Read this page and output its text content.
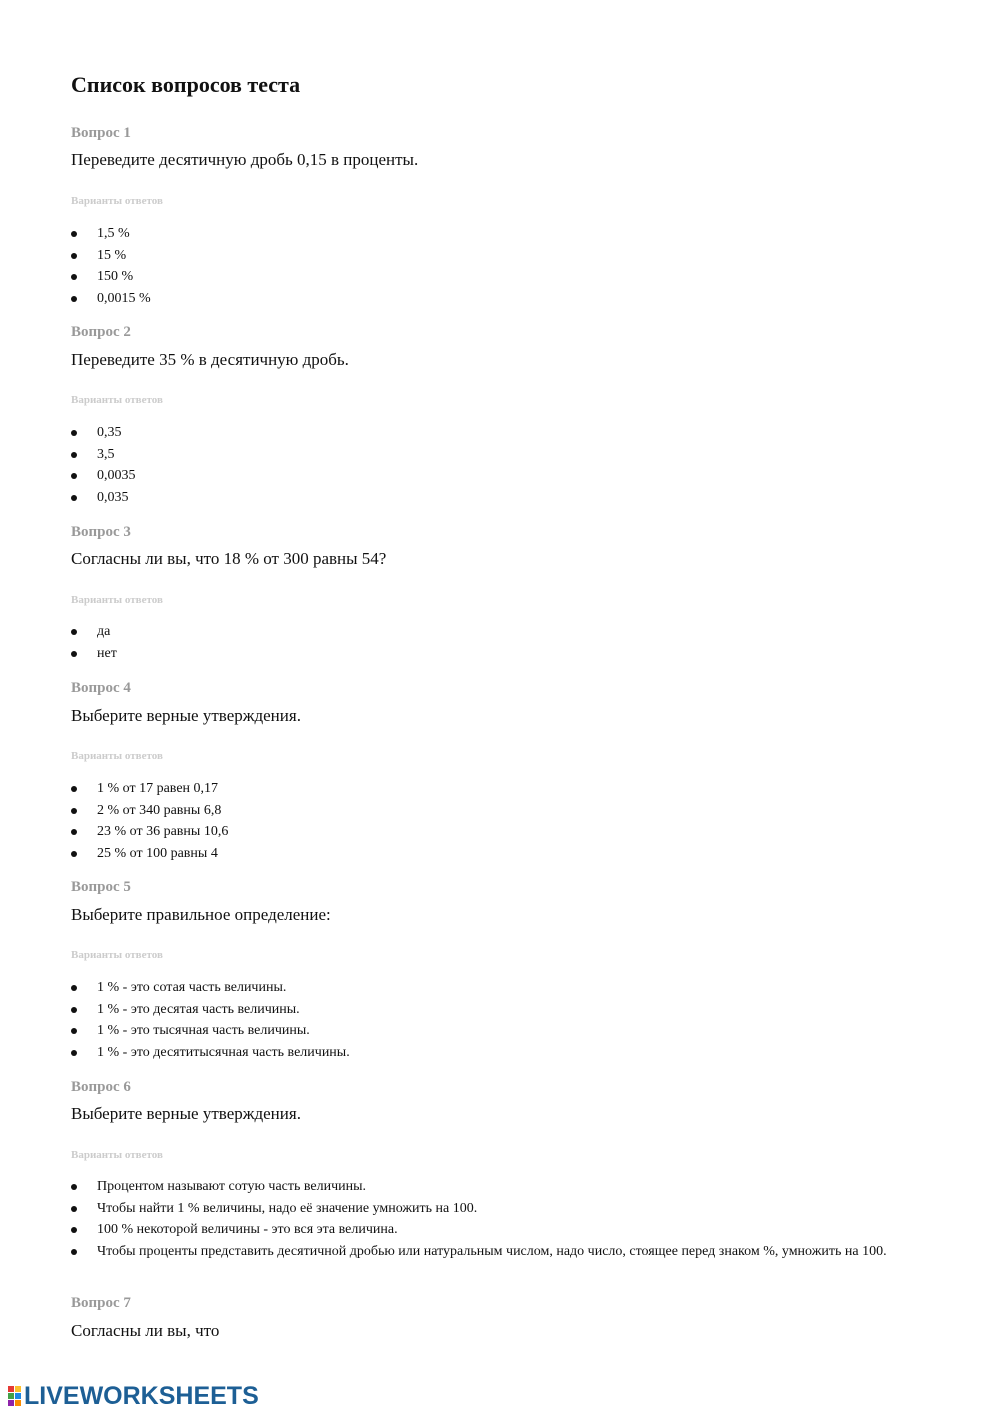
Список вопросов теста
Вопрос 1
Переведите десятичную дробь 0,15 в проценты.
Варианты ответов
1,5 %
15 %
150 %
0,0015 %
Вопрос 2
Переведите 35 % в десятичную дробь.
Варианты ответов
0,35
3,5
0,0035
0,035
Вопрос 3
Согласны ли вы, что 18 % от 300 равны 54?
Варианты ответов
да
нет
Вопрос 4
Выберите верные утверждения.
Варианты ответов
1 % от 17 равен 0,17
2 % от 340 равны 6,8
23 % от 36 равны 10,6
25 % от 100 равны 4
Вопрос 5
Выберите правильное определение:
Варианты ответов
1 % - это сотая часть величины.
1 % - это десятая часть величины.
1 % - это тысячная часть величины.
1 % - это десятитысячная часть величины.
Вопрос 6
Выберите верные утверждения.
Варианты ответов
Процентом называют сотую часть величины.
Чтобы найти 1 % величины, надо её значение умножить на 100.
100 % некоторой величины - это вся эта величина.
Чтобы проценты представить десятичной дробью или натуральным числом, надо число, стоящее перед знаком %, умножить на 100.
Вопрос 7
Согласны ли вы, что
LIVEWORKSHEETS
